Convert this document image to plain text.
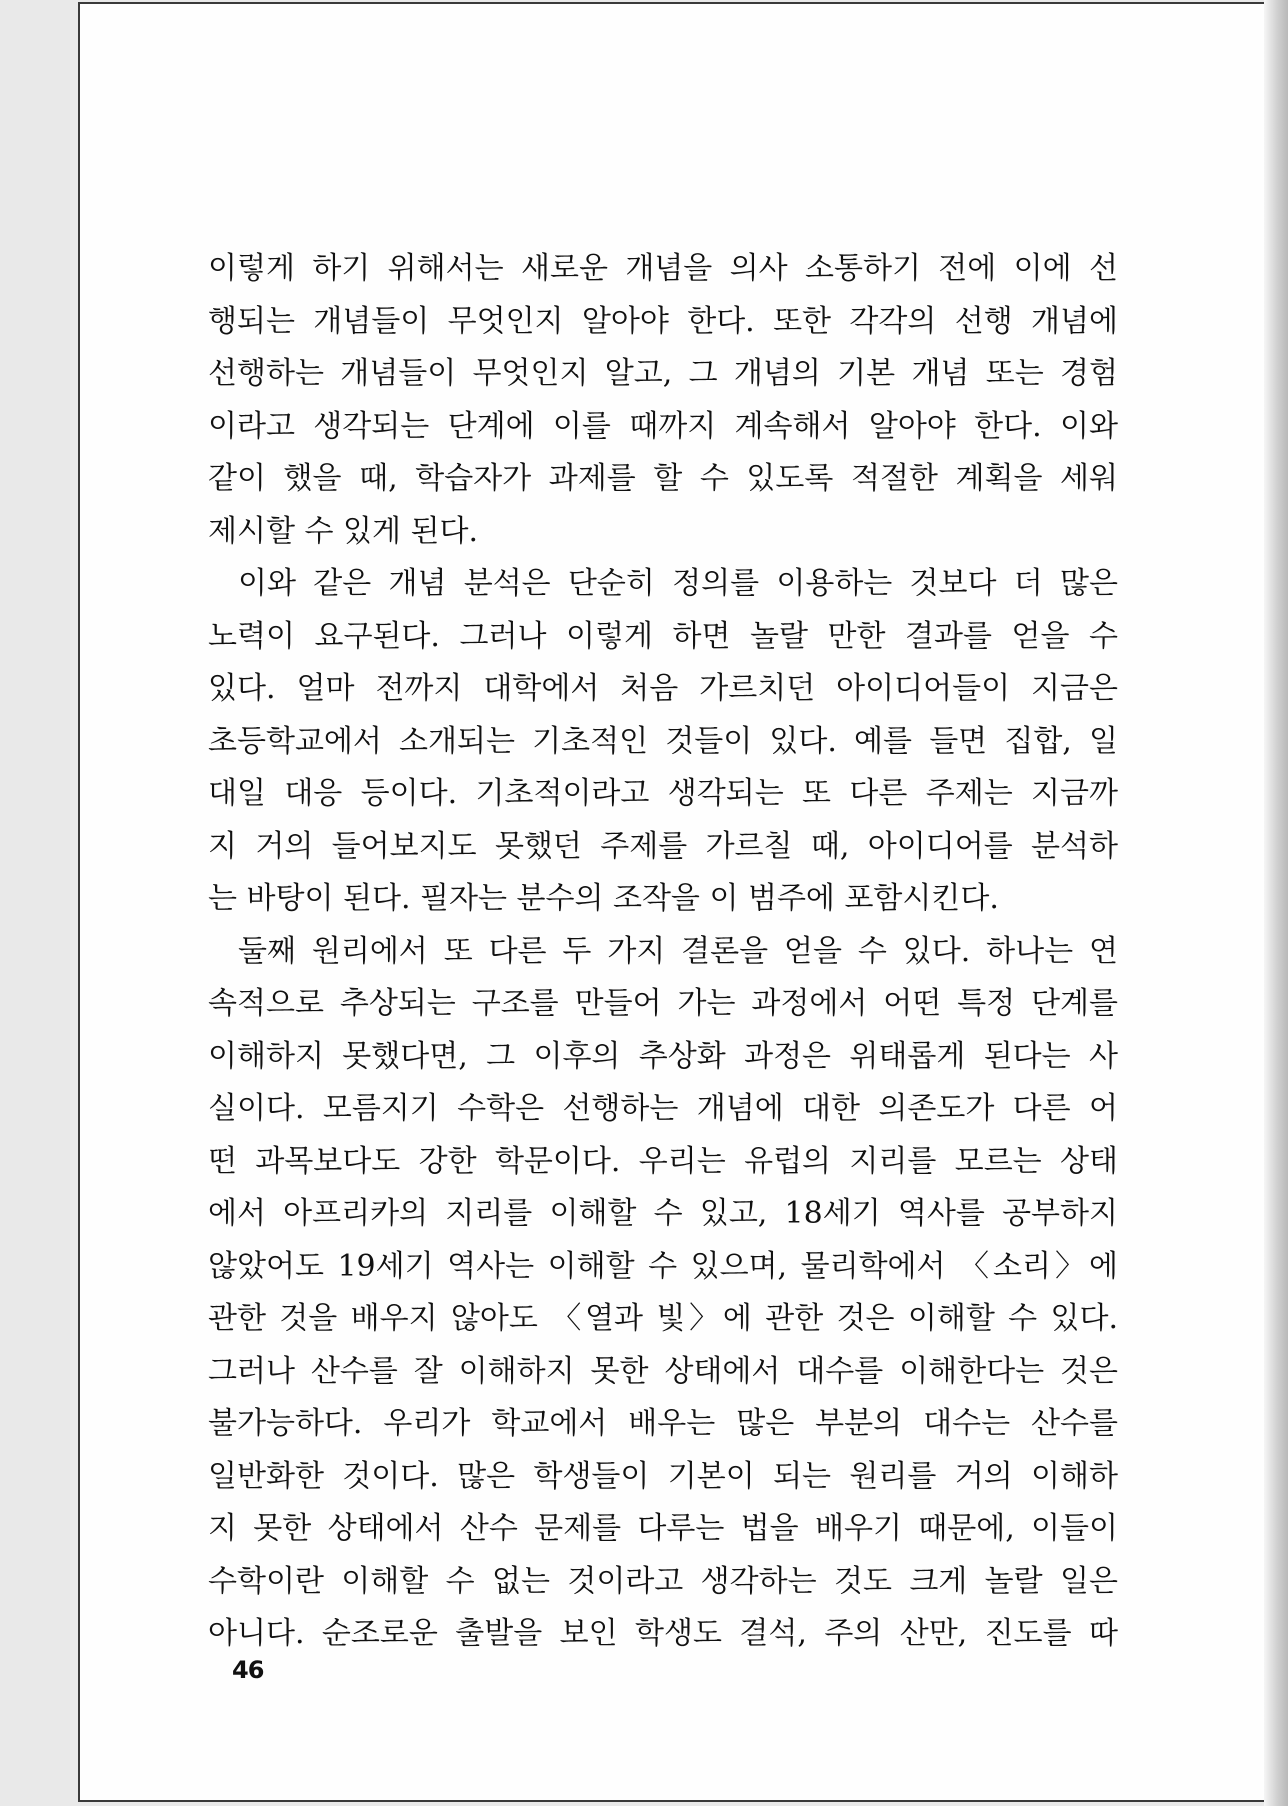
이렇게 하기 위해서는 새로운 개념을 의사 소통하기 전에 이에 선
행되는 개념들이 무엇인지 알아야 한다. 또한 각각의 선행 개념에
선행하는 개념들이 무엇인지 알고, 그 개념의 기본 개념 또는 경험
이라고 생각되는 단계에 이를 때까지 계속해서 알아야 한다. 이와
같이 했을 때, 학습자가 과제를 할 수 있도록 적절한 계획을 세워
제시할 수 있게 된다.
이와 같은 개념 분석은 단순히 정의를 이용하는 것보다 더 많은
노력이 요구된다. 그러나 이렇게 하면 놀랄 만한 결과를 얻을 수
있다. 얼마 전까지 대학에서 처음 가르치던 아이디어들이 지금은
초등학교에서 소개되는 기초적인 것들이 있다. 예를 들면 집합, 일
대일 대응 등이다. 기초적이라고 생각되는 또 다른 주제는 지금까
지 거의 들어보지도 못했던 주제를 가르칠 때, 아이디어를 분석하
는 바탕이 된다. 필자는 분수의 조작을 이 범주에 포함시킨다.
둘째 원리에서 또 다른 두 가지 결론을 얻을 수 있다. 하나는 연
속적으로 추상되는 구조를 만들어 가는 과정에서 어떤 특정 단계를
이해하지 못했다면, 그 이후의 추상화 과정은 위태롭게 된다는 사
실이다. 모름지기 수학은 선행하는 개념에 대한 의존도가 다른 어
떤 과목보다도 강한 학문이다. 우리는 유럽의 지리를 모르는 상태
에서 아프리카의 지리를 이해할 수 있고, 18세기 역사를 공부하지
않았어도 19세기 역사는 이해할 수 있으며, 물리학에서 〈소리〉에
관한 것을 배우지 않아도 〈열과 빛〉에 관한 것은 이해할 수 있다.
그러나 산수를 잘 이해하지 못한 상태에서 대수를 이해한다는 것은
불가능하다. 우리가 학교에서 배우는 많은 부분의 대수는 산수를
일반화한 것이다. 많은 학생들이 기본이 되는 원리를 거의 이해하
지 못한 상태에서 산수 문제를 다루는 법을 배우기 때문에, 이들이
수학이란 이해할 수 없는 것이라고 생각하는 것도 크게 놀랄 일은
아니다. 순조로운 출발을 보인 학생도 결석, 주의 산만, 진도를 따
46
